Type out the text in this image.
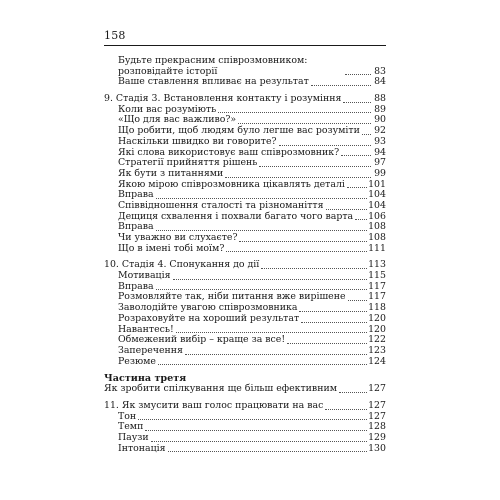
158
Будьте прекрасним співрозмовником: розповідайте історії	83
Ваше ставлення впливає на результат	84
9. Стадія 3. Встановлення контакту і розуміння	88
Коли вас розуміють	89
«Що для вас важливо?»	90
Що робити, щоб людям було легше вас розуміти 92
Наскільки швидко ви говорите?	93
Які слова використовує ваш співрозмовник?	94
Стратегії прийняття рішень	97
Як бути з питаннями	99
Якою мірою співрозмовника цікавлять деталі 101
Вправа	104
Співвідношення сталості та різноманіття	104
Дещиця схвалення і похвали багато чого варта 106
Вправа	108
Чи уважно ви слухаєте?	108
Що в імені тобі моїм?	111
10. Стадія 4. Спонукання до дії	113
Мотивація	115
Вправа	117
Розмовляйте так, ніби питання вже вирішене 117
Заволодійте увагою співрозмовника	118
Розраховуйте на хороший результат	120
Навантесь!	120
Обмежений вибір – краще за все!	122
Заперечення	123
Резюме	124
Частина третя
Як зробити спілкування ще більш ефективним	127
11. Як змусити ваш голос працювати на вас	127
Тон	127
Темп	128
Паузи	129
Інтонація	130
